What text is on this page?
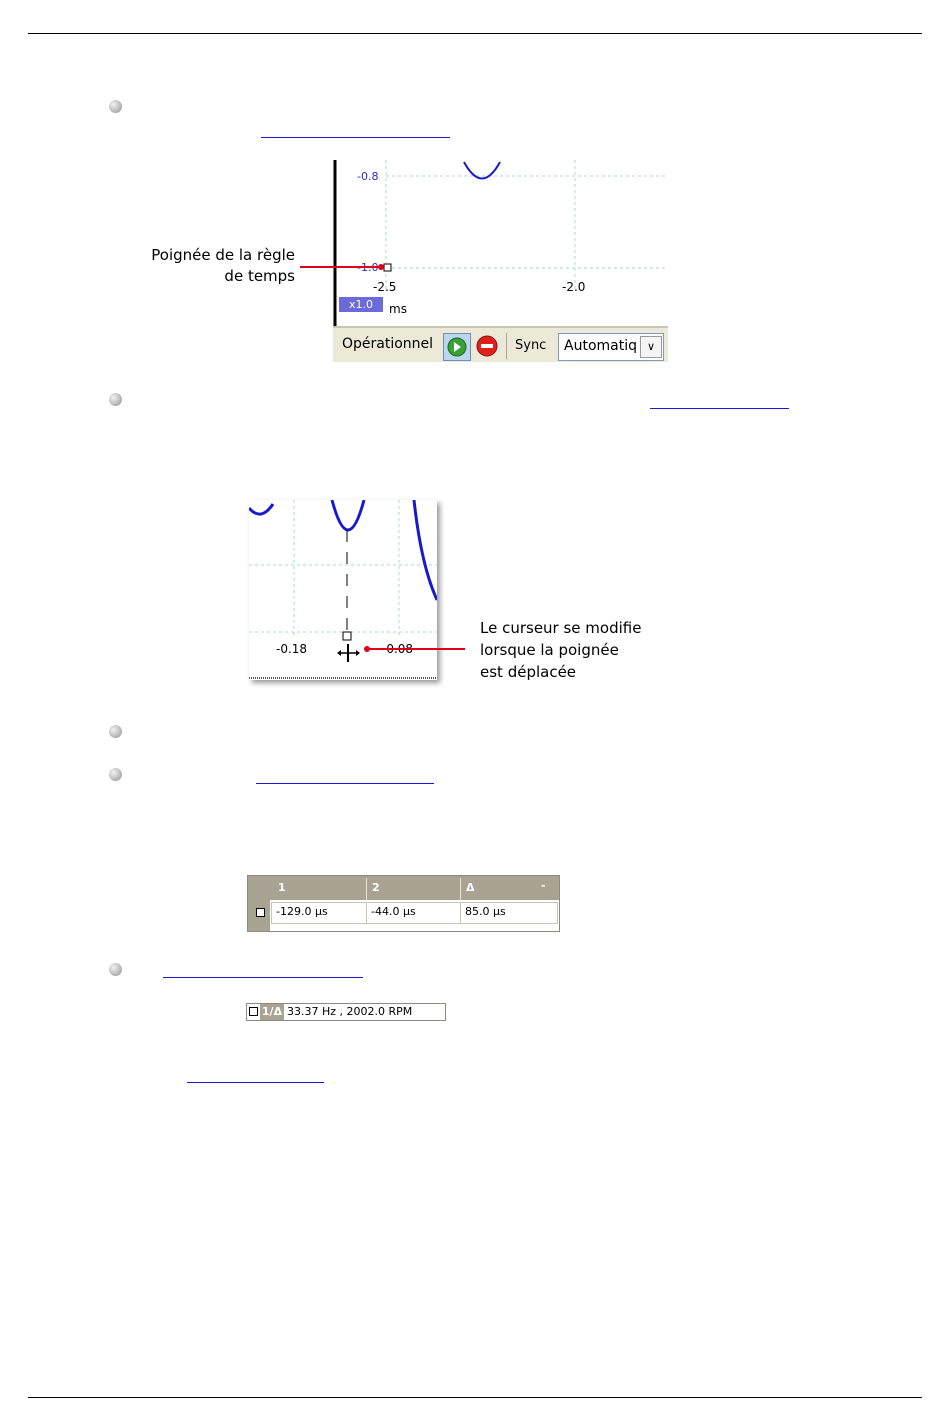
-0.8
-1.0
-2.5	-2.0
x1.0	ms
Opérationnel	Sync Automatiq ∨
Poignée de la règle
de temps
-0.18	-0.08
Le curseur se modifie
lorsque la poignée
est déplacée
1	2	Δ	-
-129.0 µs	-44.0 µs	85.0 µs
1/Δ 33.37 Hz , 2002.0 RPM
